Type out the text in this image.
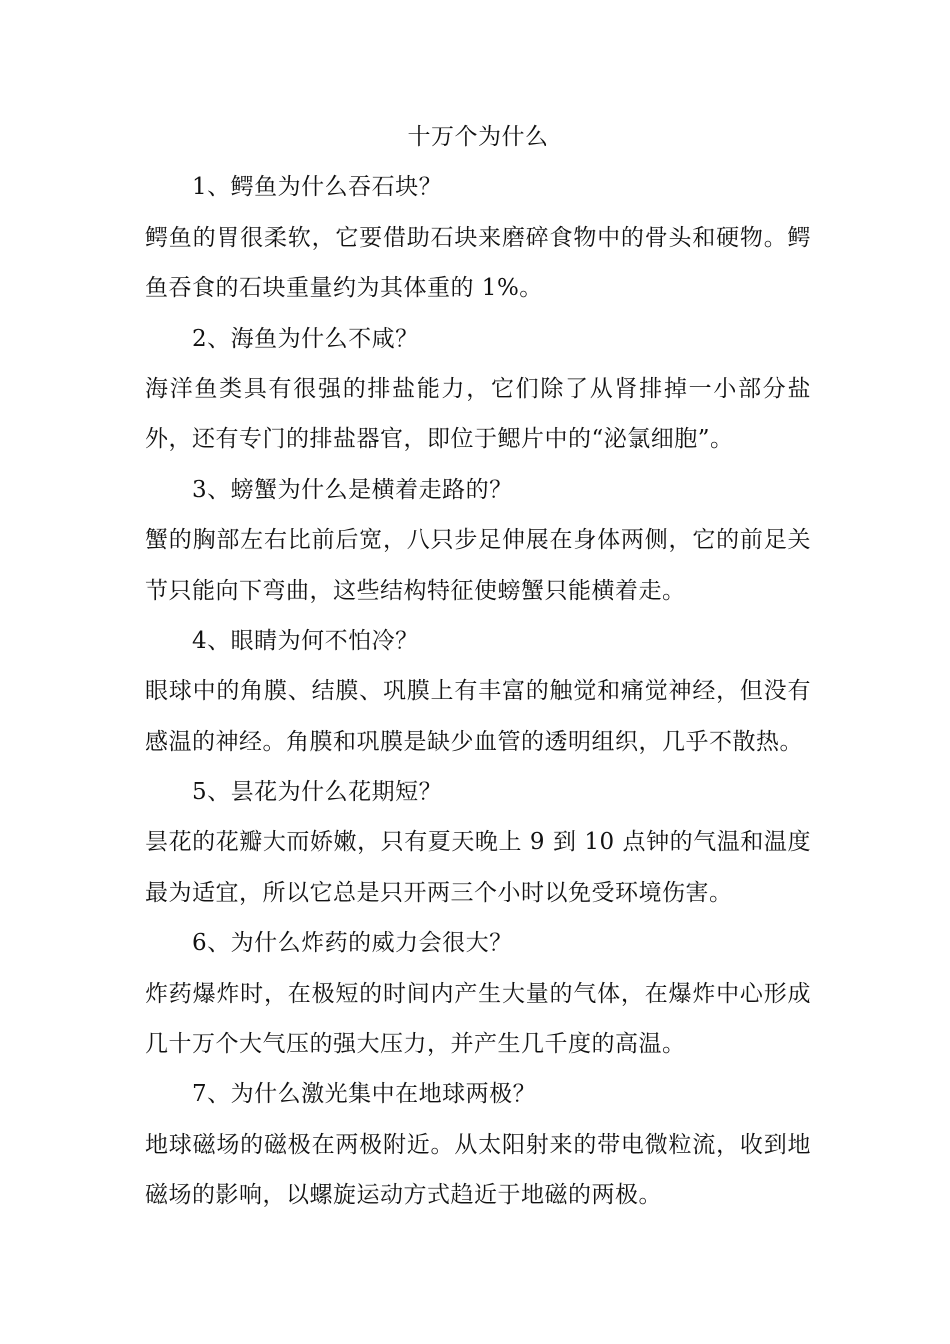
十万个为什么
1、鳄鱼为什么吞石块？
鳄鱼的胃很柔软，它要借助石块来磨碎食物中的骨头和硬物。鳄
鱼吞食的石块重量约为其体重的 1%。
2、海鱼为什么不咸？
海洋鱼类具有很强的排盐能力，它们除了从肾排掉一小部分盐
外，还有专门的排盐器官，即位于鳃片中的“泌氯细胞”。
3、螃蟹为什么是横着走路的？
蟹的胸部左右比前后宽，八只步足伸展在身体两侧，它的前足关
节只能向下弯曲，这些结构特征使螃蟹只能横着走。
4、眼睛为何不怕冷？
眼球中的角膜、结膜、巩膜上有丰富的触觉和痛觉神经，但没有
感温的神经。角膜和巩膜是缺少血管的透明组织，几乎不散热。
5、昙花为什么花期短？
昙花的花瓣大而娇嫩，只有夏天晚上 9 到 10 点钟的气温和温度
最为适宜，所以它总是只开两三个小时以免受环境伤害。
6、为什么炸药的威力会很大？
炸药爆炸时，在极短的时间内产生大量的气体，在爆炸中心形成
几十万个大气压的强大压力，并产生几千度的高温。
7、为什么激光集中在地球两极？
地球磁场的磁极在两极附近。从太阳射来的带电微粒流，收到地
磁场的影响，以螺旋运动方式趋近于地磁的两极。
